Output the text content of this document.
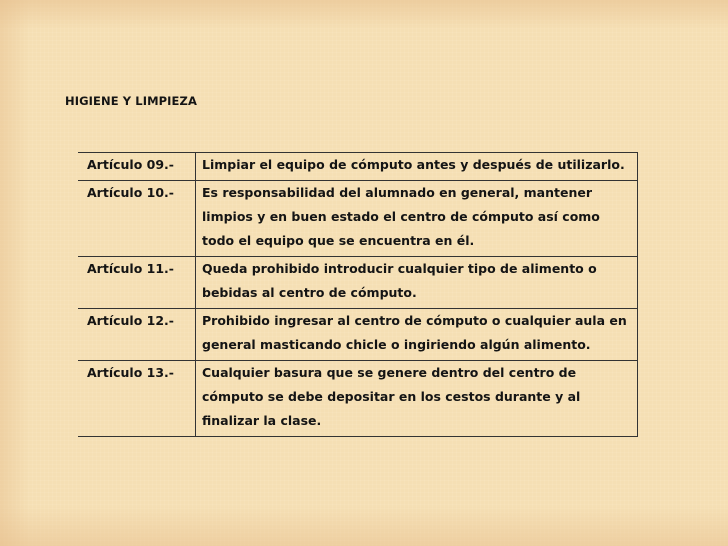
HIGIENE Y LIMPIEZA
Artículo 09.-	Limpiar el equipo de cómputo antes y después de utilizarlo.
Artículo 10.-	Es responsabilidad del alumnado en general, mantener limpios y en buen estado el centro de cómputo así como todo el equipo que se encuentra en él.
Artículo 11.-	Queda prohibido introducir cualquier tipo de alimento o bebidas al centro de cómputo.
Artículo 12.-	Prohibido ingresar al centro de cómputo o cualquier aula en general masticando chicle o ingiriendo algún alimento.
Artículo 13.-	Cualquier basura que se genere dentro del centro de cómputo se debe depositar en los cestos durante y al finalizar la clase.
